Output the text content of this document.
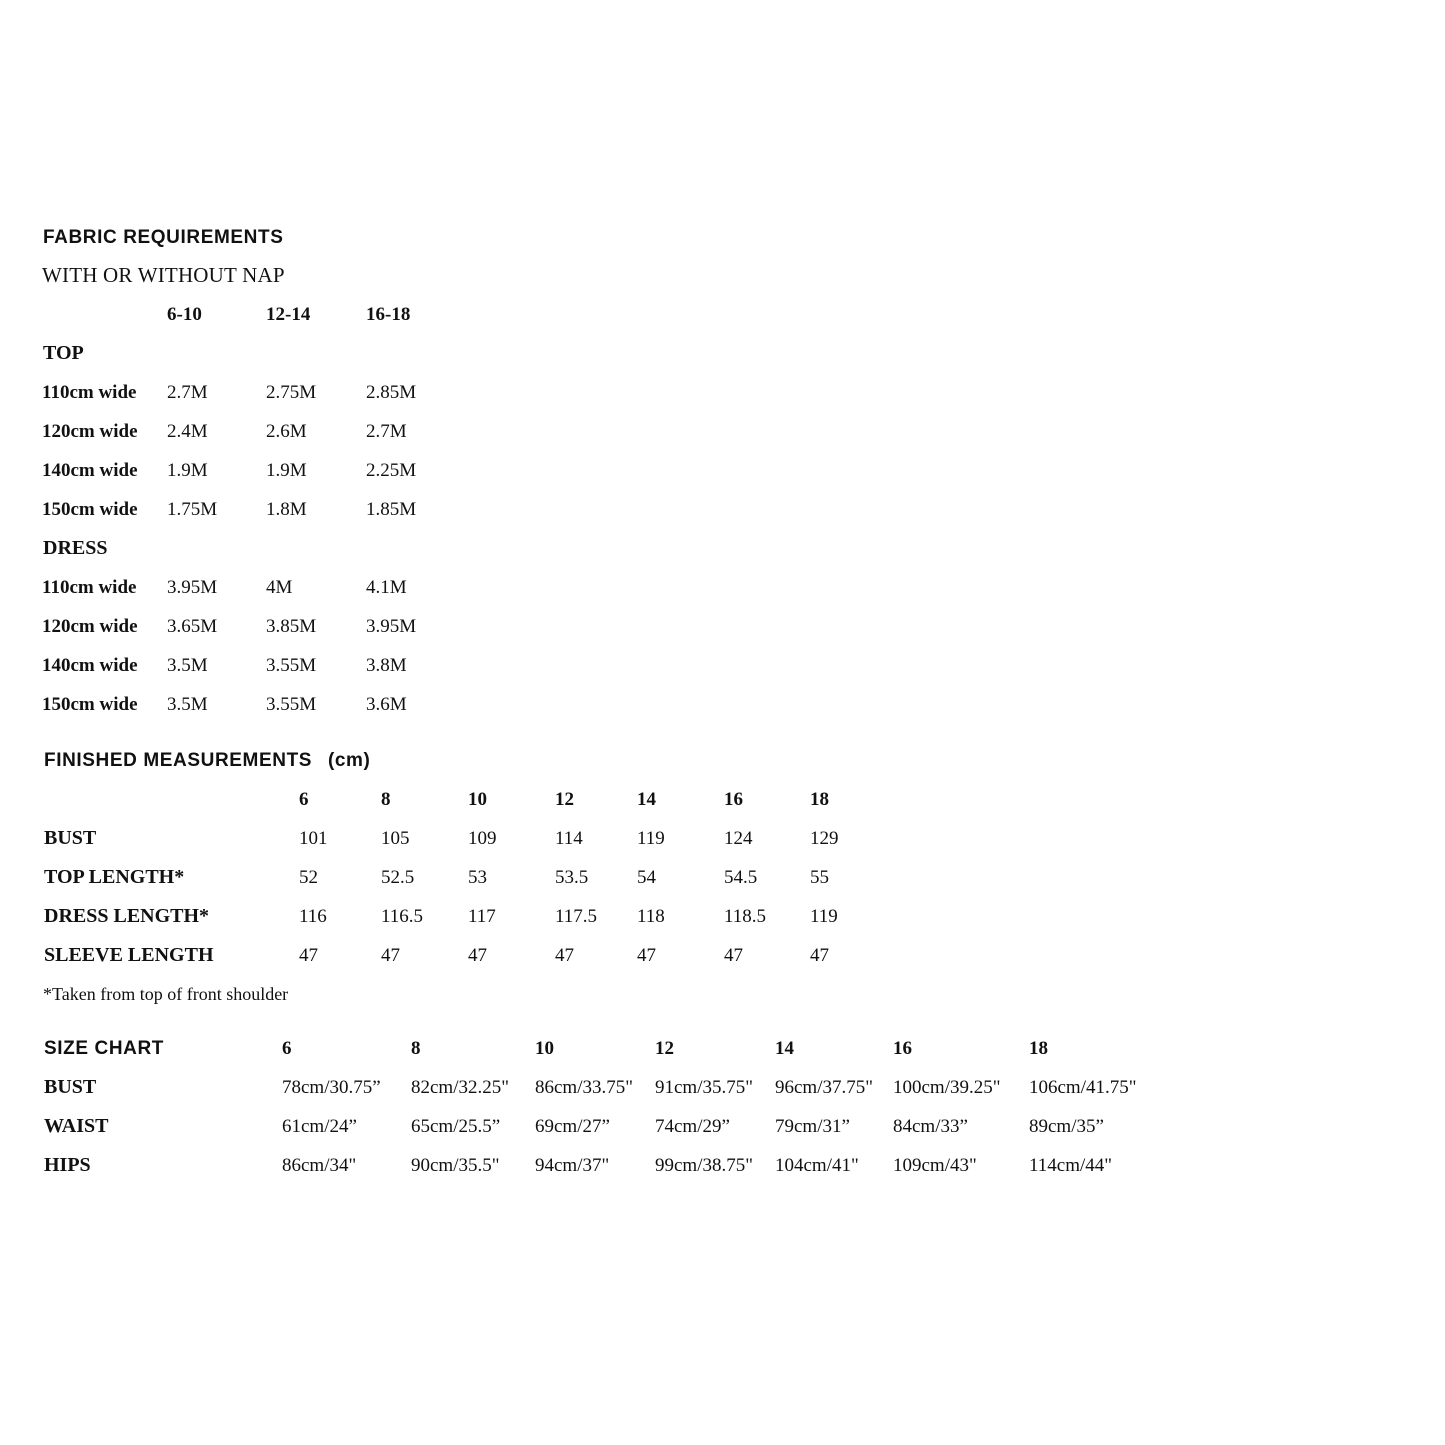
FABRIC REQUIREMENTS
WITH OR WITHOUT NAP
6-10	12-14	16-18
TOP
110cm wide 2.7M	2.75M	2.85M
120cm wide 2.4M	2.6M	2.7M
140cm wide 1.9M	1.9M	2.25M
150cm wide 1.75M	1.8M	1.85M
DRESS
110cm wide 3.95M	4M	4.1M
120cm wide 3.65M	3.85M	3.95M
140cm wide 3.5M	3.55M	3.8M
150cm wide 3.5M	3.55M	3.6M
FINISHED MEASUREMENTS (cm)
6	8	10	12	14	16	18
BUST	101	105	109	114	119	124	129
TOP LENGTH*	52	52.5	53	53.5	54	54.5	55
DRESS LENGTH*	116	116.5 117	117.5 118	118.5 119
SLEEVE LENGTH	47	47	47	47	47	47	47
*Taken from top of front shoulder
SIZE CHART	6	8	10	12	14	16	18
BUST	78cm/30.75” 82cm/32.25" 86cm/33.75" 91cm/35.75" 96cm/37.75" 100cm/39.25" 106cm/41.75"
WAIST	61cm/24”	65cm/25.5” 69cm/27” 74cm/29” 79cm/31” 84cm/33”	89cm/35”
HIPS	86cm/34"	90cm/35.5" 94cm/37" 99cm/38.75" 104cm/41" 109cm/43"	114cm/44"
